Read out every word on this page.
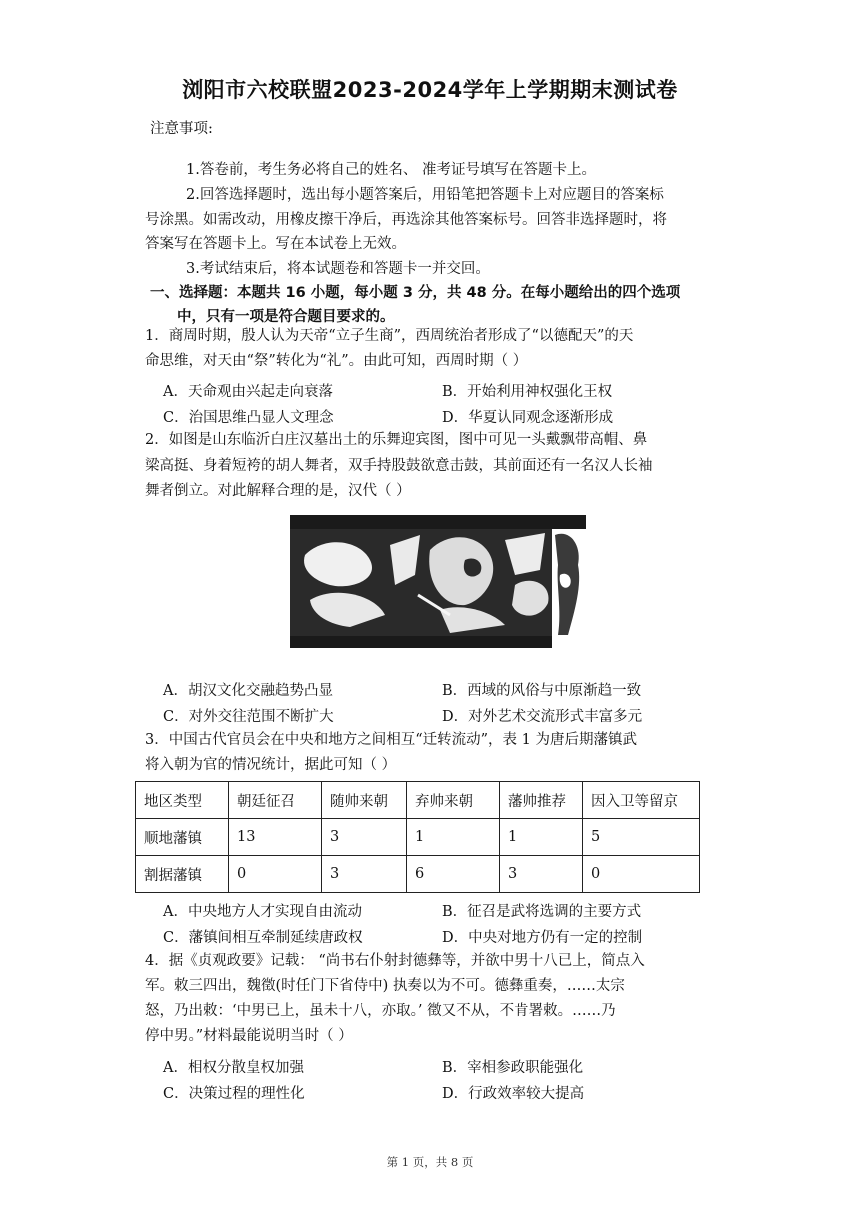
浏阳市六校联盟2023-2024学年上学期期末测试卷
注意事项:
1.答卷前，考生务必将自己的姓名、 准考证号填写在答题卡上。
2.回答选择题时，选出每小题答案后，用铅笔把答题卡上对应题目的答案标
号涂黑。如需改动，用橡皮擦干净后，再选涂其他答案标号。回答非选择题时，将
答案写在答题卡上。写在本试卷上无效。
3.考试结束后，将本试题卷和答题卡一并交回。
一、选择题：本题共 16 小题，每小题 3 分，共 48 分。在每小题给出的四个选项
中，只有一项是符合题目要求的。
1．商周时期，殷人认为天帝“立子生商”，西周统治者形成了“以德配天”的天
命思维，对天由“祭”转化为“礼”。由此可知，西周时期（ ）
A．天命观由兴起走向衰落	B．开始利用神权强化王权
C．治国思维凸显人文理念	D．华夏认同观念逐渐形成
2．如图是山东临沂白庄汉墓出土的乐舞迎宾图，图中可见一头戴飘带高帽、鼻
梁高挺、身着短袴的胡人舞者，双手持股鼓欲意击鼓，其前面还有一名汉人长袖
舞者倒立。对此解释合理的是，汉代（ ）
A．胡汉文化交融趋势凸显	B．西域的风俗与中原渐趋一致
C．对外交往范围不断扩大	D．对外艺术交流形式丰富多元
3．中国古代官员会在中央和地方之间相互“迁转流动”，表 1 为唐后期藩镇武
将入朝为官的情况统计，据此可知（ ）
地区类型	朝廷征召	随帅来朝	弃帅来朝	藩帅推荐	因入卫等留京
顺地藩镇	13	3	1	1	5
割据藩镇	0	3	6	3	0
A．中央地方人才实现自由流动	B．征召是武将选调的主要方式
C．藩镇间相互牵制延续唐政权	D．中央对地方仍有一定的控制
4．据《贞观政要》记载： “尚书右仆射封德彝等，并欲中男十八已上，简点入
军。敕三四出，魏徵(时任门下省侍中) 执奏以为不可。德彝重奏，……太宗
怒，乃出敕：‘中男已上，虽未十八，亦取。’ 徵又不从，不肯署敕。……乃
停中男。”材料最能说明当时（ ）
A．相权分散皇权加强	B．宰相参政职能强化
C．决策过程的理性化	D．行政效率较大提高
第 1 页，共 8 页
